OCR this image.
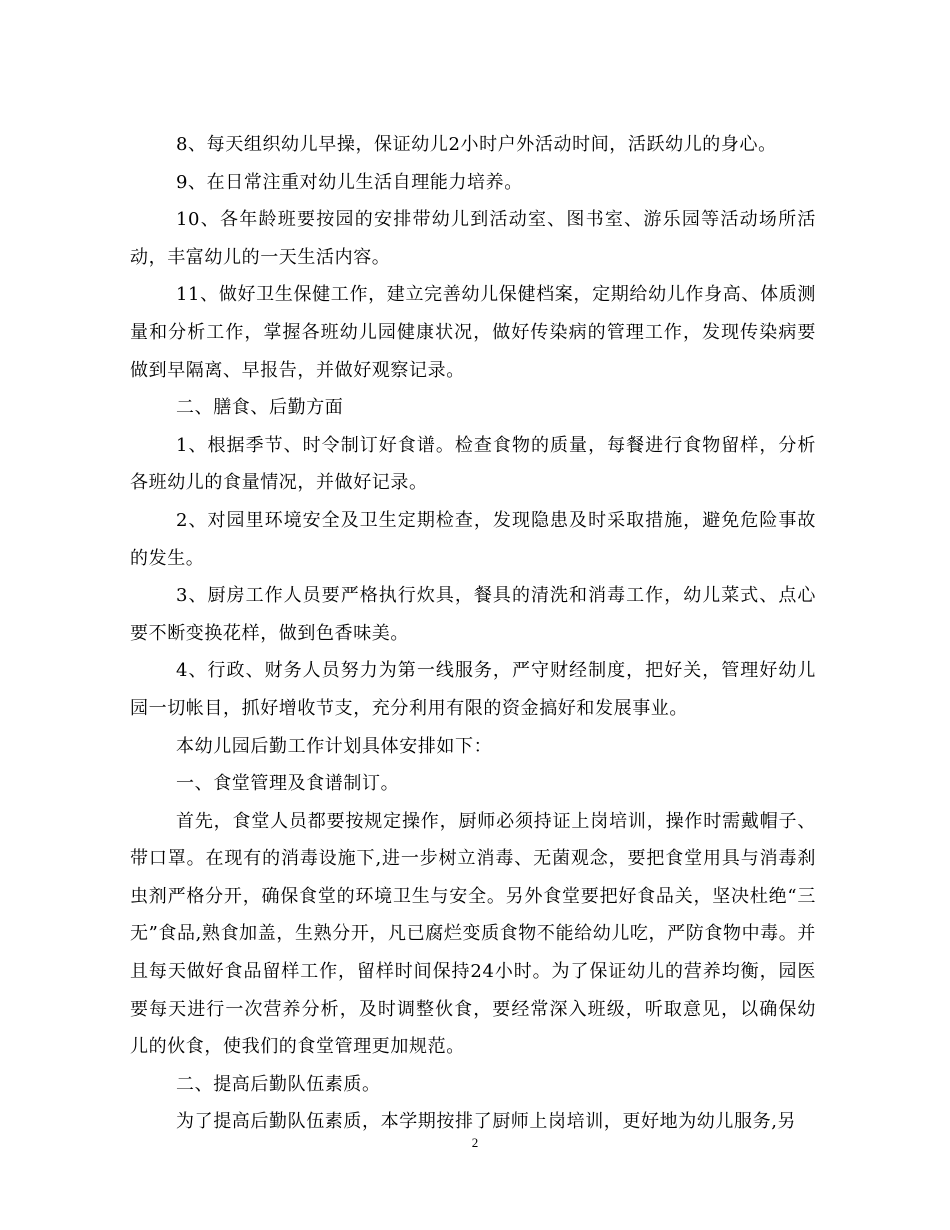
8、每天组织幼儿早操，保证幼儿2小时户外活动时间，活跃幼儿的身心。

9、在日常注重对幼儿生活自理能力培养。

10、各年龄班要按园的安排带幼儿到活动室、图书室、游乐园等活动场所活动，丰富幼儿的一天生活内容。

11、做好卫生保健工作，建立完善幼儿保健档案，定期给幼儿作身高、体质测量和分析工作，掌握各班幼儿园健康状况，做好传染病的管理工作，发现传染病要做到早隔离、早报告，并做好观察记录。

二、膳食、后勤方面

1、根据季节、时令制订好食谱。检查食物的质量，每餐进行食物留样，分析各班幼儿的食量情况，并做好记录。

2、对园里环境安全及卫生定期检查，发现隐患及时采取措施，避免危险事故的发生。

3、厨房工作人员要严格执行炊具，餐具的清洗和消毒工作，幼儿菜式、点心要不断变换花样，做到色香味美。

4、行政、财务人员努力为第一线服务，严守财经制度，把好关，管理好幼儿园一切帐目，抓好增收节支，充分利用有限的资金搞好和发展事业。

本幼儿园后勤工作计划具体安排如下：

一、食堂管理及食谱制订。

首先，食堂人员都要按规定操作，厨师必须持证上岗培训，操作时需戴帽子、带口罩。在现有的消毒设施下,进一步树立消毒、无菌观念，要把食堂用具与消毒刹虫剂严格分开，确保食堂的环境卫生与安全。另外食堂要把好食品关，坚决杜绝“三无”食品,熟食加盖，生熟分开，凡已腐烂变质食物不能给幼儿吃，严防食物中毒。并且每天做好食品留样工作，留样时间保持24小时。为了保证幼儿的营养均衡，园医要每天进行一次营养分析，及时调整伙食，要经常深入班级，听取意见，以确保幼儿的伙食，使我们的食堂管理更加规范。

二、提高后勤队伍素质。

为了提高后勤队伍素质，本学期按排了厨师上岗培训，更好地为幼儿服务,另

2
